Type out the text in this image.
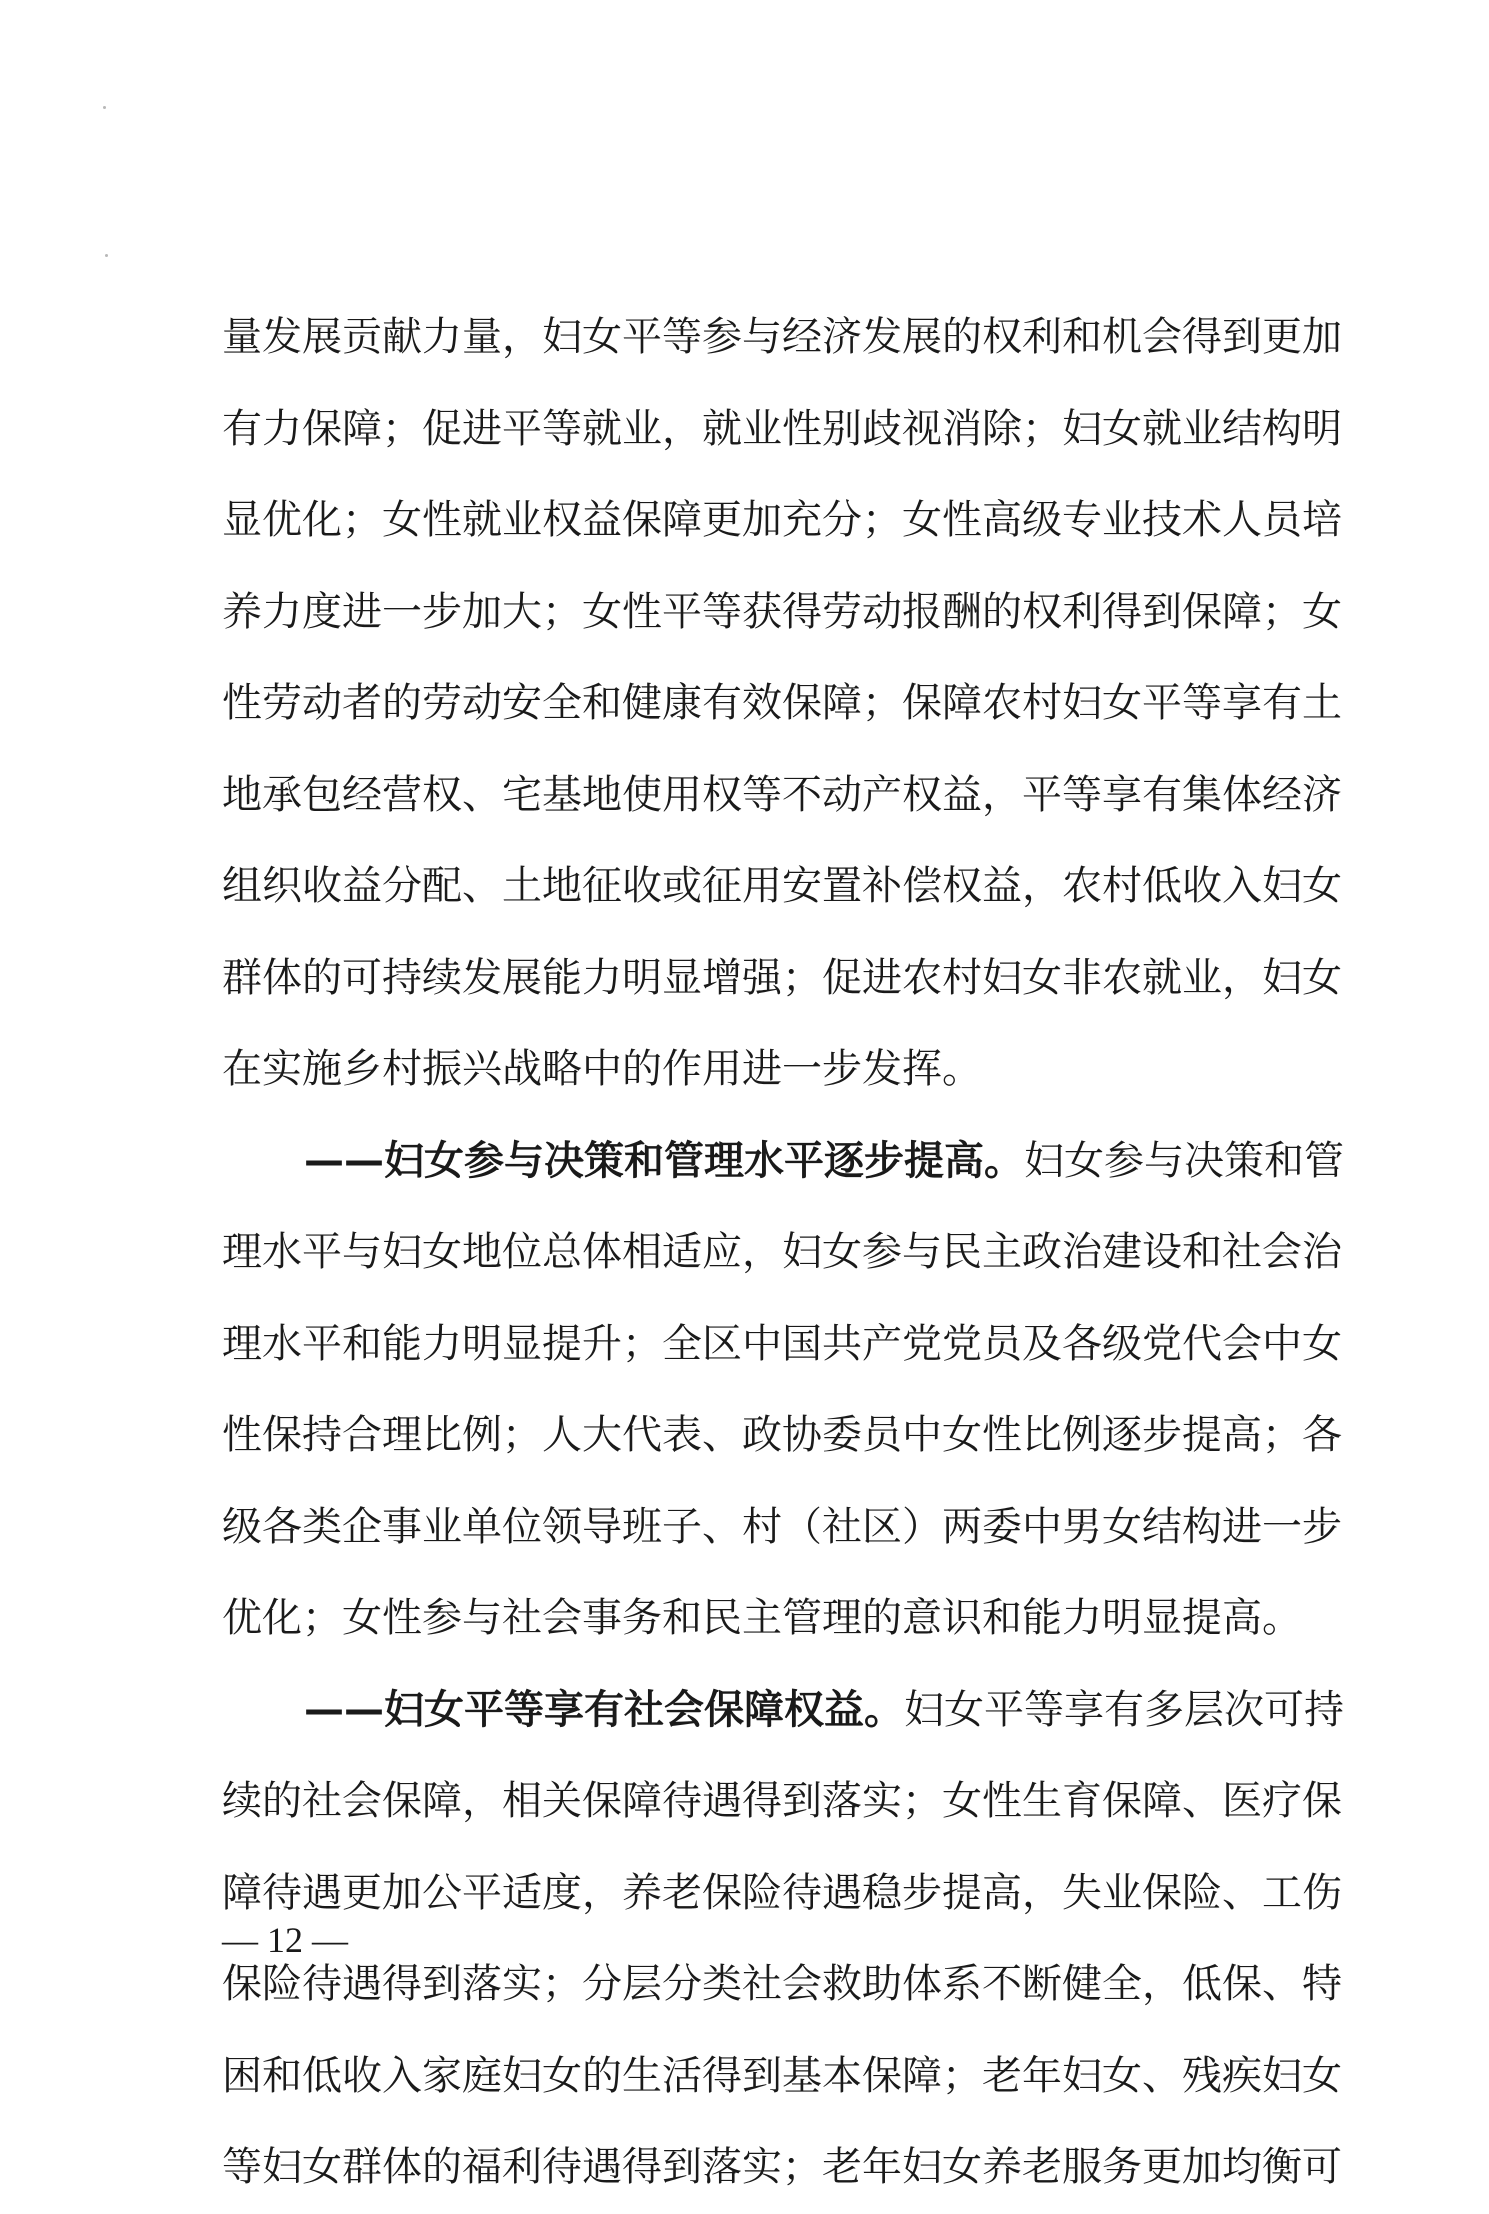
量发展贡献力量，妇女平等参与经济发展的权利和机会得到更加
有力保障；促进平等就业，就业性别歧视消除；妇女就业结构明
显优化；女性就业权益保障更加充分；女性高级专业技术人员培
养力度进一步加大；女性平等获得劳动报酬的权利得到保障；女
性劳动者的劳动安全和健康有效保障；保障农村妇女平等享有土
地承包经营权、宅基地使用权等不动产权益，平等享有集体经济
组织收益分配、土地征收或征用安置补偿权益，农村低收入妇女
群体的可持续发展能力明显增强；促进农村妇女非农就业，妇女
在实施乡村振兴战略中的作用进一步发挥。
——妇女参与决策和管理水平逐步提高。妇女参与决策和管
理水平与妇女地位总体相适应，妇女参与民主政治建设和社会治
理水平和能力明显提升；全区中国共产党党员及各级党代会中女
性保持合理比例；人大代表、政协委员中女性比例逐步提高；各
级各类企事业单位领导班子、村（社区）两委中男女结构进一步
优化；女性参与社会事务和民主管理的意识和能力明显提高。
——妇女平等享有社会保障权益。妇女平等享有多层次可持
续的社会保障，相关保障待遇得到落实；女性生育保障、医疗保
障待遇更加公平适度，养老保险待遇稳步提高，失业保险、工伤
保险待遇得到落实；分层分类社会救助体系不断健全，低保、特
困和低收入家庭妇女的生活得到基本保障；老年妇女、残疾妇女
等妇女群体的福利待遇得到落实；老年妇女养老服务更加均衡可
— 12 —
